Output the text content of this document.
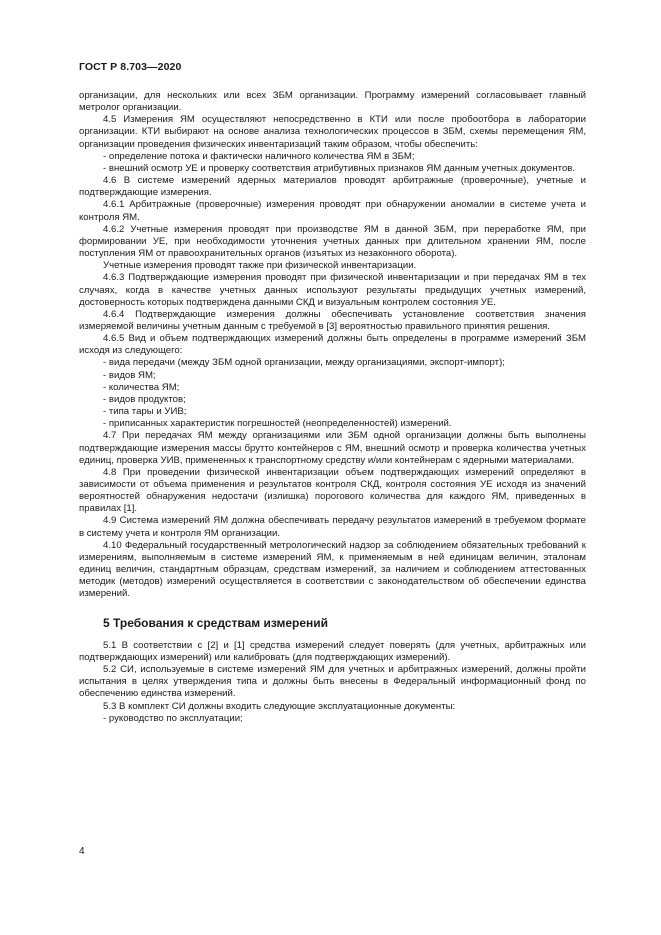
ГОСТ Р 8.703—2020

организации, для нескольких или всех ЗБМ организации. Программу измерений согласовывает главный метролог организации.

4.5 Измерения ЯМ осуществляют непосредственно в КТИ или после пробоотбора в лаборатории организации. КТИ выбирают на основе анализа технологических процессов в ЗБМ, схемы перемещения ЯМ, организации проведения физических инвентаризаций таким образом, чтобы обеспечить:

- определение потока и фактически наличного количества ЯМ в ЗБМ;

- внешний осмотр УЕ и проверку соответствия атрибутивных признаков ЯМ данным учетных документов.

4.6 В системе измерений ядерных материалов проводят арбитражные (проверочные), учетные и подтверждающие измерения.

4.6.1 Арбитражные (проверочные) измерения проводят при обнаружении аномалии в системе учета и контроля ЯМ.

4.6.2 Учетные измерения проводят при производстве ЯМ в данной ЗБМ, при переработке ЯМ, при формировании УЕ, при необходимости уточнения учетных данных при длительном хранении ЯМ, после поступления ЯМ от правоохранительных органов (изъятых из незаконного оборота).

Учетные измерения проводят также при физической инвентаризации.

4.6.3 Подтверждающие измерения проводят при физической инвентаризации и при передачах ЯМ в тех случаях, когда в качестве учетных данных используют результаты предыдущих учетных измерений, достоверность которых подтверждена данными СКД и визуальным контролем состояния УЕ.

4.6.4 Подтверждающие измерения должны обеспечивать установление соответствия значения измеряемой величины учетным данным с требуемой в [3] вероятностью правильного принятия решения.

4.6.5 Вид и объем подтверждающих измерений должны быть определены в программе измерений ЗБМ исходя из следующего:

- вида передачи (между ЗБМ одной организации, между организациями, экспорт-импорт);

- видов ЯМ;

- количества ЯМ;

- видов продуктов;

- типа тары и УИВ;

- приписанных характеристик погрешностей (неопределенностей) измерений.

4.7 При передачах ЯМ между организациями или ЗБМ одной организации должны быть выполнены подтверждающие измерения массы брутто контейнеров с ЯМ, внешний осмотр и проверка количества учетных единиц, проверка УИВ, примененных к транспортному средству и/или контейнерам с ядерными материалами.

4.8 При проведении физической инвентаризации объем подтверждающих измерений определяют в зависимости от объема применения и результатов контроля СКД, контроля состояния УЕ исходя из значений вероятностей обнаружения недостачи (излишка) порогового количества для каждого ЯМ, приведенных в правилах [1].

4.9 Система измерений ЯМ должна обеспечивать передачу результатов измерений в требуемом формате в систему учета и контроля ЯМ организации.

4.10 Федеральный государственный метрологический надзор за соблюдением обязательных требований к измерениям, выполняемым в системе измерений ЯМ, к применяемым в ней единицам величин, эталонам единиц величин, стандартным образцам, средствам измерений, за наличием и соблюдением аттестованных методик (методов) измерений осуществляется в соответствии с законодательством об обеспечении единства измерений.

5 Требования к средствам измерений

5.1 В соответствии с [2] и [1] средства измерений следует поверять (для учетных, арбитражных или подтверждающих измерений) или калибровать (для подтверждающих измерений).

5.2 СИ, используемые в системе измерений ЯМ для учетных и арбитражных измерений, должны пройти испытания в целях утверждения типа и должны быть внесены в Федеральный информационный фонд по обеспечению единства измерений.

5.3 В комплект СИ должны входить следующие эксплуатационные документы:

- руководство по эксплуатации;

4
